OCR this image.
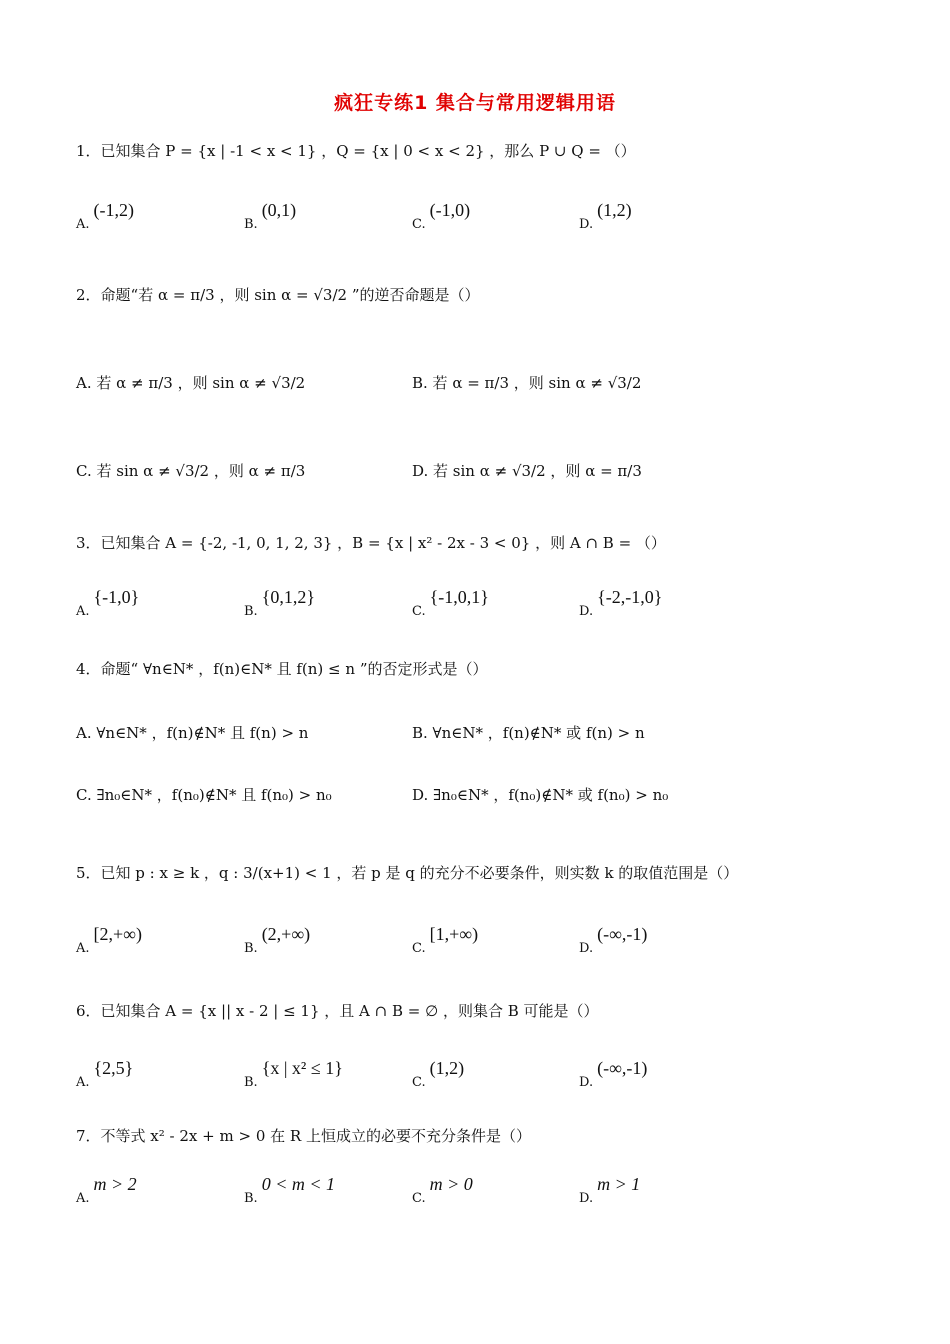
疯狂专练1 集合与常用逻辑用语
1．已知集合 P = {x | -1 < x < 1} ，Q = {x | 0 < x < 2} ，那么 P ∪ Q = （）
$_{A.}$(-1,2)
$_{B.}$(0,1)
$_{C.}$(-1,0)
$_{D.}$(1,2)
2．命题“若 α = π/3 ，则 sin α = √3/2 ”的逆否命题是（）
A. 若 α ≠ π/3 ，则 sin α ≠ √3/2	B. 若 α = π/3 ，则 sin α ≠ √3/2
C. 若 sin α ≠ √3/2 ，则 α ≠ π/3	D. 若 sin α ≠ √3/2 ，则 α = π/3
3．已知集合 A = {-2, -1, 0, 1, 2, 3} ，B = {x | x² - 2x - 3 < 0} ，则 A ∩ B = （）
$_{A.}${-1,0}
$_{B.}${0,1,2}
$_{C.}${-1,0,1}
$_{D.}${-2,-1,0}
4．命题“ ∀n∈N* ，f(n)∈N* 且 f(n) ≤ n ”的否定形式是（）
A. ∀n∈N* ，f(n)∉N* 且 f(n) > n	B. ∀n∈N* ，f(n)∉N* 或 f(n) > n
C. ∃n₀∈N* ，f(n₀)∉N* 且 f(n₀) > n₀	D. ∃n₀∈N* ，f(n₀)∉N* 或 f(n₀) > n₀
5．已知 p : x ≥ k ，q : 3/(x+1) < 1 ，若 p 是 q 的充分不必要条件，则实数 k 的取值范围是（）
$_{A.}$[2,+∞)
$_{B.}$(2,+∞)
$_{C.}$[1,+∞)
$_{D.}$(-∞,-1)
6．已知集合 A = {x || x - 2 | ≤ 1} ，且 A ∩ B = ∅ ，则集合 B 可能是（）
$_{A.}${2,5}
$_{B.}${x | x² ≤ 1}
$_{C.}$(1,2)
$_{D.}$(-∞,-1)
7．不等式 x² - 2x + m > 0 在 R 上恒成立的必要不充分条件是（）
$_{A.}$m > 2
$_{B.}$0 < m < 1
$_{C.}$m > 0
$_{D.}$m > 1
